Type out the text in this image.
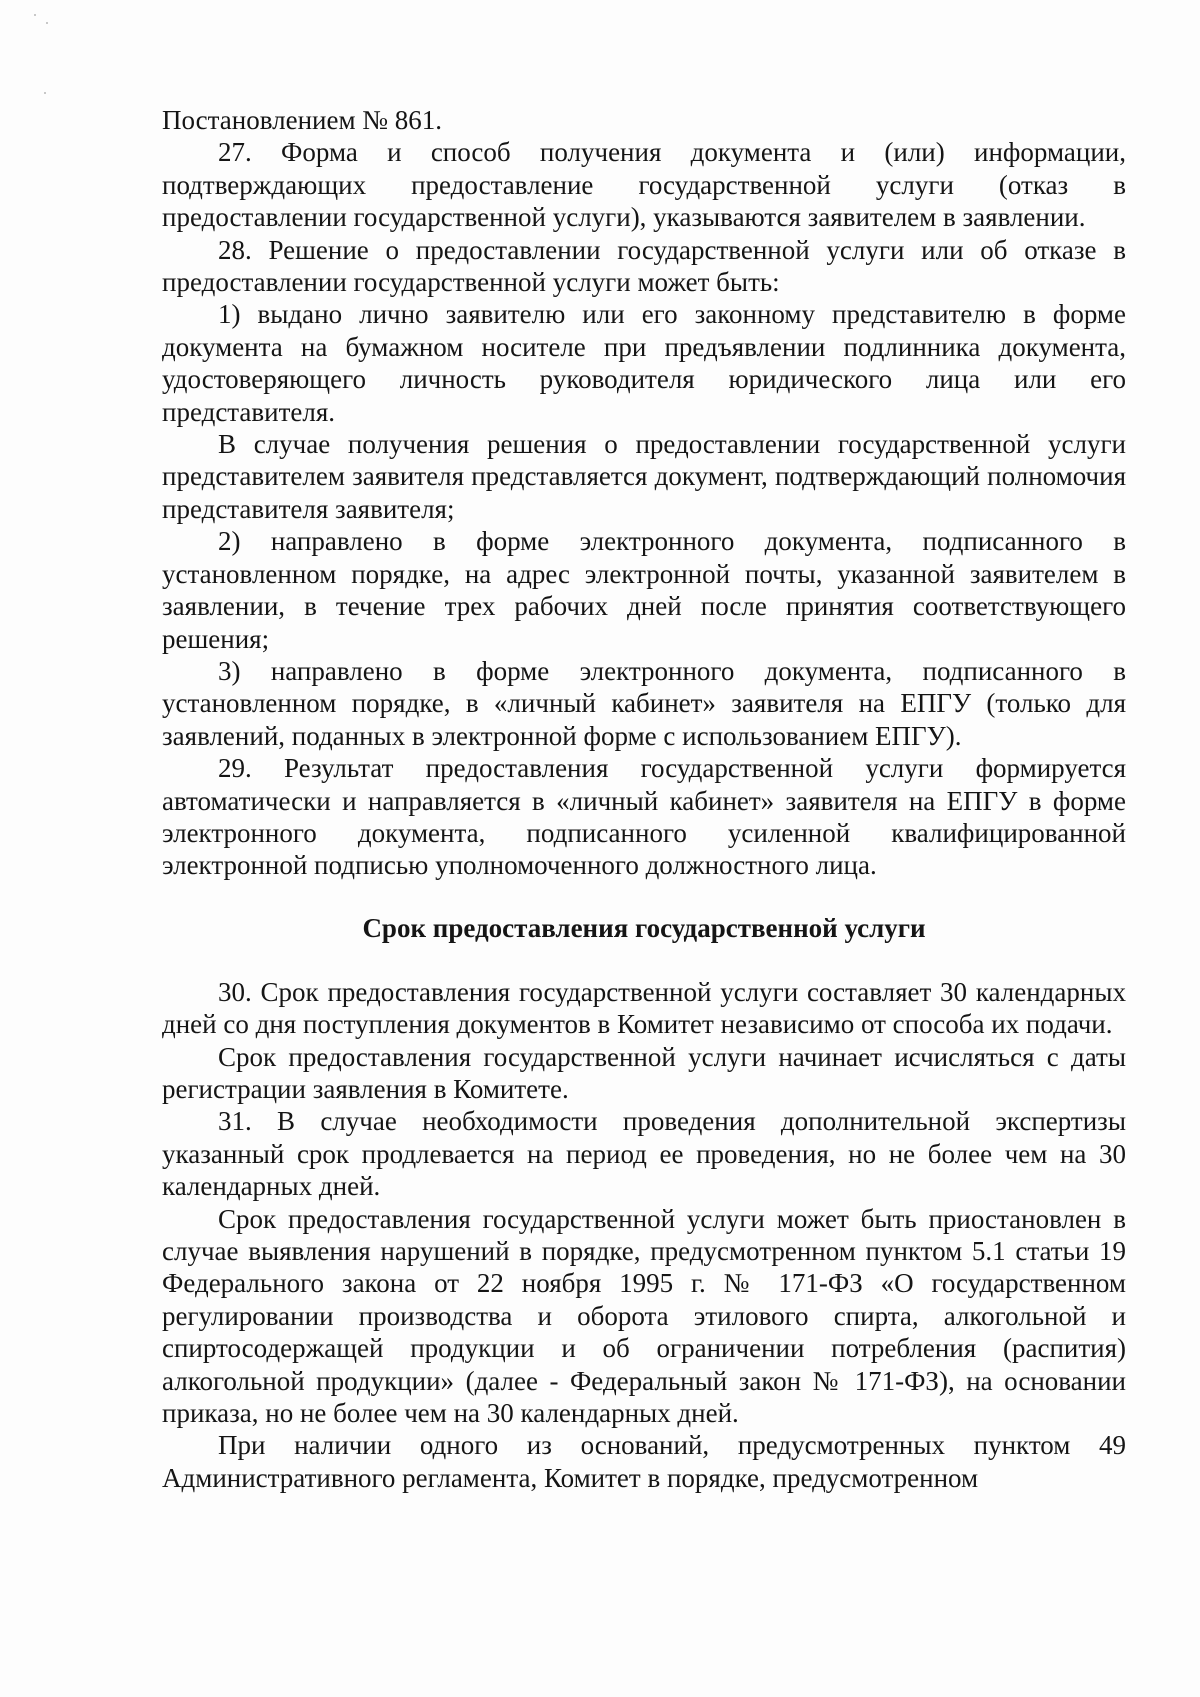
Постановлением № 861.

27. Форма и способ получения документа и (или) информации, подтверждающих предоставление государственной услуги (отказ в предоставлении государственной услуги), указываются заявителем в заявлении.

28. Решение о предоставлении государственной услуги или об отказе в предоставлении государственной услуги может быть:

1) выдано лично заявителю или его законному представителю в форме документа на бумажном носителе при предъявлении подлинника документа, удостоверяющего личность руководителя юридического лица или его представителя.

В случае получения решения о предоставлении государственной услуги представителем заявителя представляется документ, подтверждающий полномочия представителя заявителя;

2) направлено в форме электронного документа, подписанного в установленном порядке, на адрес электронной почты, указанной заявителем в заявлении, в течение трех рабочих дней после принятия соответствующего решения;

3) направлено в форме электронного документа, подписанного в установленном порядке, в «личный кабинет» заявителя на ЕПГУ (только для заявлений, поданных в электронной форме с использованием ЕПГУ).

29. Результат предоставления государственной услуги формируется автоматически и направляется в «личный кабинет» заявителя на ЕПГУ в форме электронного документа, подписанного усиленной квалифицированной электронной подписью уполномоченного должностного лица.

Срок предоставления государственной услуги

30. Срок предоставления государственной услуги составляет 30 календарных дней со дня поступления документов в Комитет независимо от способа их подачи.

Срок предоставления государственной услуги начинает исчисляться с даты регистрации заявления в Комитете.

31. В случае необходимости проведения дополнительной экспертизы указанный срок продлевается на период ее проведения, но не более чем на 30 календарных дней.

Срок предоставления государственной услуги может быть приостановлен в случае выявления нарушений в порядке, предусмотренном пунктом 5.1 статьи 19 Федерального закона от 22 ноября 1995 г. № 171-ФЗ «О государственном регулировании производства и оборота этилового спирта, алкогольной и спиртосодержащей продукции и об ограничении потребления (распития) алкогольной продукции» (далее - Федеральный закон № 171-ФЗ), на основании приказа, но не более чем на 30 календарных дней.

При наличии одного из оснований, предусмотренных пунктом 49 Административного регламента, Комитет в порядке, предусмотренном
